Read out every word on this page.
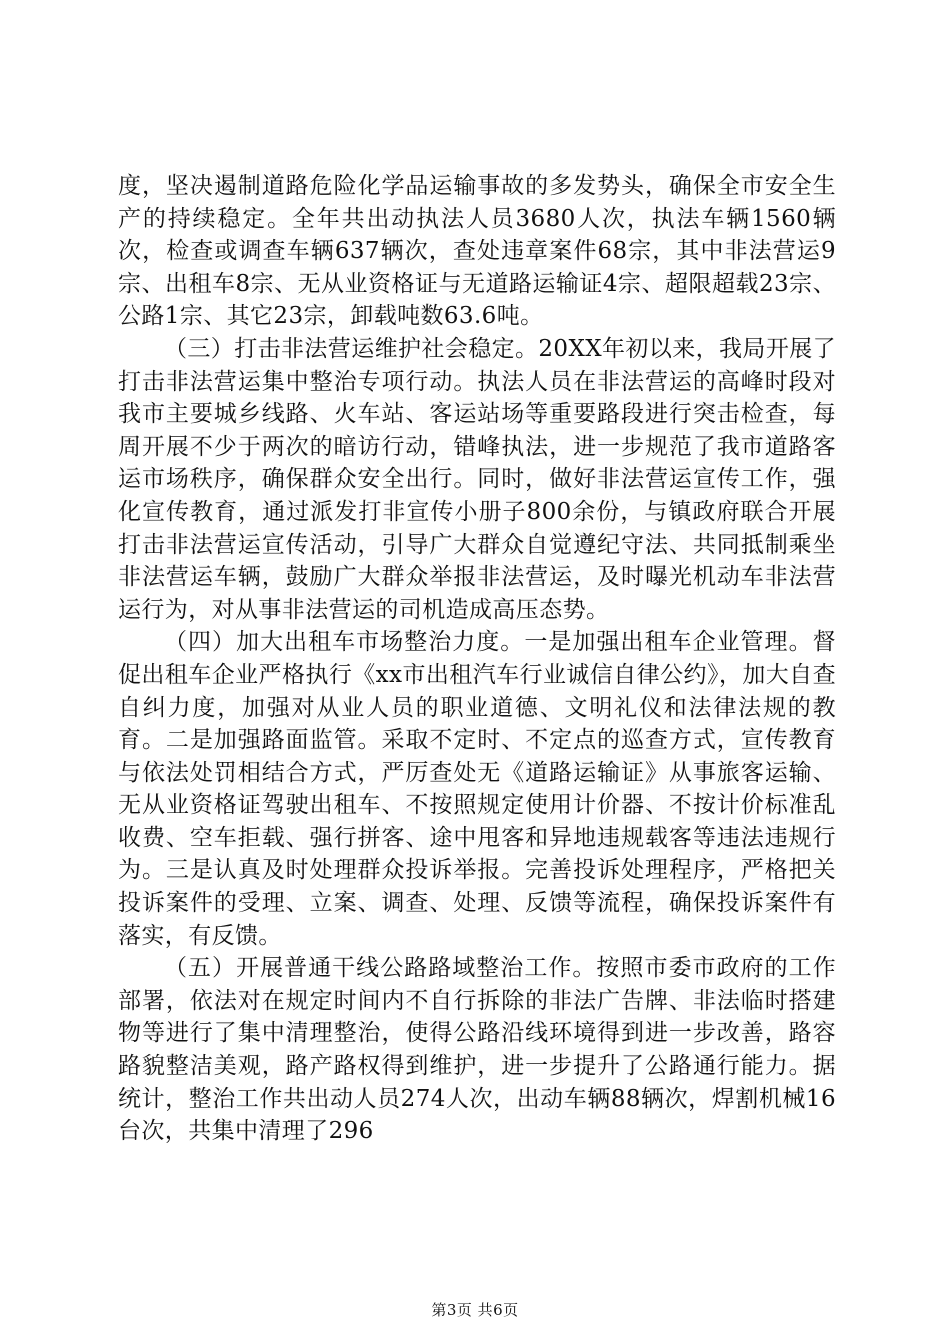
度，坚决遏制道路危险化学品运输事故的多发势头，确保全市安全生产的持续稳定。全年共出动执法人员3680人次，执法车辆1560辆次，检查或调查车辆637辆次，查处违章案件68宗，其中非法营运9宗、出租车8宗、无从业资格证与无道路运输证4宗、超限超载23宗、公路1宗、其它23宗，卸载吨数63.6吨。

（三）打击非法营运维护社会稳定。20XX年初以来，我局开展了打击非法营运集中整治专项行动。执法人员在非法营运的高峰时段对我市主要城乡线路、火车站、客运站场等重要路段进行突击检查，每周开展不少于两次的暗访行动，错峰执法，进一步规范了我市道路客运市场秩序，确保群众安全出行。同时，做好非法营运宣传工作，强化宣传教育，通过派发打非宣传小册子800余份，与镇政府联合开展打击非法营运宣传活动，引导广大群众自觉遵纪守法、共同抵制乘坐非法营运车辆，鼓励广大群众举报非法营运，及时曝光机动车非法营运行为，对从事非法营运的司机造成高压态势。

（四）加大出租车市场整治力度。一是加强出租车企业管理。督促出租车企业严格执行《xx市出租汽车行业诚信自律公约》，加大自查自纠力度，加强对从业人员的职业道德、文明礼仪和法律法规的教育。二是加强路面监管。采取不定时、不定点的巡查方式，宣传教育与依法处罚相结合方式，严厉查处无《道路运输证》从事旅客运输、无从业资格证驾驶出租车、不按照规定使用计价器、不按计价标准乱收费、空车拒载、强行拼客、途中甩客和异地违规载客等违法违规行为。三是认真及时处理群众投诉举报。完善投诉处理程序，严格把关投诉案件的受理、立案、调查、处理、反馈等流程，确保投诉案件有落实，有反馈。

（五）开展普通干线公路路域整治工作。按照市委市政府的工作部署，依法对在规定时间内不自行拆除的非法广告牌、非法临时搭建物等进行了集中清理整治，使得公路沿线环境得到进一步改善，路容路貌整洁美观，路产路权得到维护，进一步提升了公路通行能力。据统计，整治工作共出动人员274人次，出动车辆88辆次，焊割机械16台次，共集中清理了296

第3页 共6页
